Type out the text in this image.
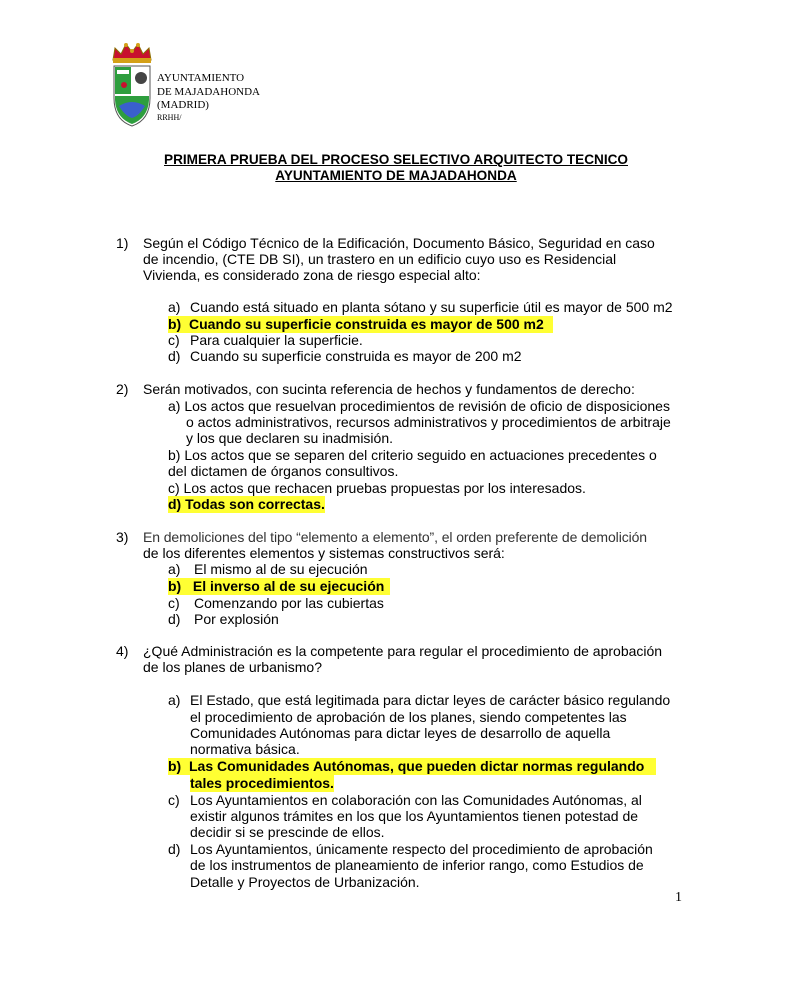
AYUNTAMIENTO
DE MAJADAHONDA
(MADRID)
RRHH/
PRIMERA PRUEBA DEL PROCESO SELECTIVO ARQUITECTO TECNICO
AYUNTAMIENTO DE MAJADAHONDA
1) Según el Código Técnico de la Edificación, Documento Básico, Seguridad en caso
de incendio, (CTE DB SI), un trastero en un edificio cuyo uso es Residencial
Vivienda, es considerado zona de riesgo especial alto:
a) Cuando está situado en planta sótano y su superficie útil es mayor de 500 m2
b) Cuando su superficie construida es mayor de 500 m2
c) Para cualquier la superficie.
d) Cuando su superficie construida es mayor de 200 m2
2) Serán motivados, con sucinta referencia de hechos y fundamentos de derecho:
a) Los actos que resuelvan procedimientos de revisión de oficio de disposiciones
o actos administrativos, recursos administrativos y procedimientos de arbitraje
y los que declaren su inadmisión.
b) Los actos que se separen del criterio seguido en actuaciones precedentes o
del dictamen de órganos consultivos.
c) Los actos que rechacen pruebas propuestas por los interesados.
d) Todas son correctas.
3) En demoliciones del tipo “elemento a elemento”, el orden preferente de demolición
de los diferentes elementos y sistemas constructivos será:
a) El mismo al de su ejecución
b) El inverso al de su ejecución
c) Comenzando por las cubiertas
d) Por explosión
4) ¿Qué Administración es la competente para regular el procedimiento de aprobación
de los planes de urbanismo?
a) El Estado, que está legitimada para dictar leyes de carácter básico regulando
el procedimiento de aprobación de los planes, siendo competentes las
Comunidades Autónomas para dictar leyes de desarrollo de aquella
normativa básica.
b) Las Comunidades Autónomas, que pueden dictar normas regulando
tales procedimientos.
c) Los Ayuntamientos en colaboración con las Comunidades Autónomas, al
existir algunos trámites en los que los Ayuntamientos tienen potestad de
decidir si se prescinde de ellos.
d) Los Ayuntamientos, únicamente respecto del procedimiento de aprobación
de los instrumentos de planeamiento de inferior rango, como Estudios de
Detalle y Proyectos de Urbanización.
1
